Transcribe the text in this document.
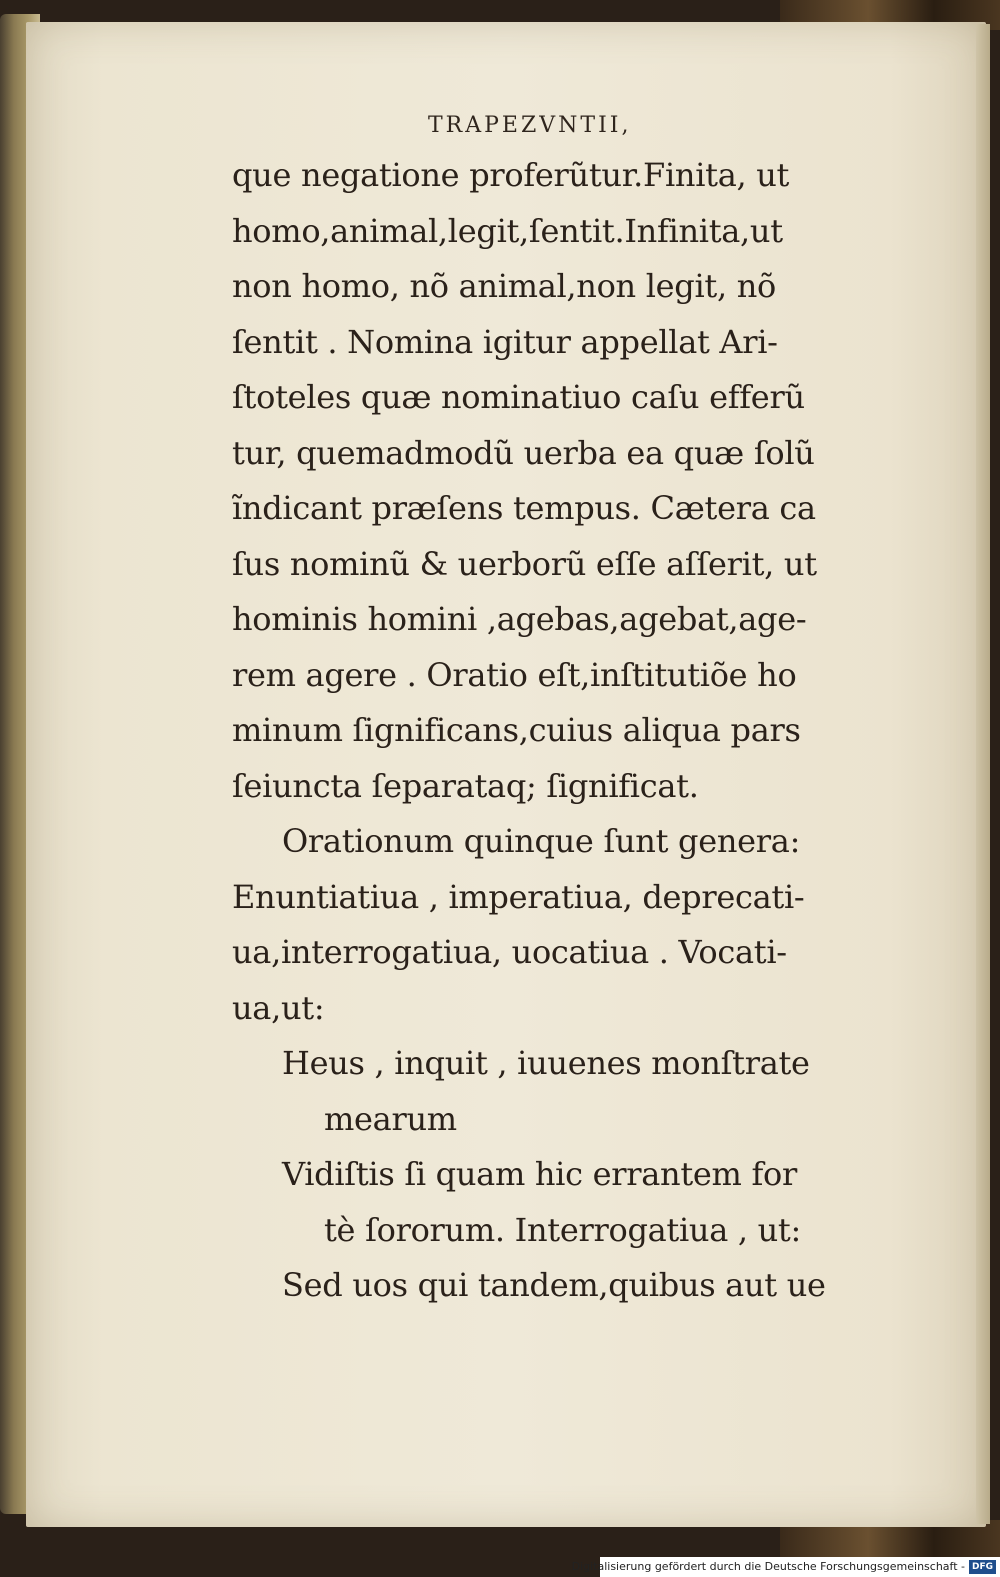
TRAPEZVNTII,
que negatione proferũtur.Finita, ut
homo,animal,legit,ſentit.Infinita,ut
non homo, nõ animal,non legit, nõ
ſentit . Nomina igitur appellat Ari-
ſtoteles quæ nominatiuo caſu efferũ
tur, quemadmodũ uerba ea quæ ſolũ
ĩndicant præſens tempus. Cætera ca
ſus nominũ & uerborũ eſſe aſſerit, ut
hominis homini ,agebas,agebat,age-
rem agere . Oratio eſt,inſtitutiõe ho
minum ſignificans,cuius aliqua pars
ſeiuncta ſeparataq; ſignificat.
Orationum quinque ſunt genera:
Enuntiatiua , imperatiua, deprecati-
ua,interrogatiua, uocatiua . Vocati-
ua,ut:
Heus , inquit , iuuenes monſtrate
mearum
Vidiſtis ſi quam hic errantem for
tè ſororum. Interrogatiua , ut:
Sed uos qui tandem,quibus aut ue
Digitalisierung gefördert durch die Deutsche Forschungsgemeinschaft - DFG
